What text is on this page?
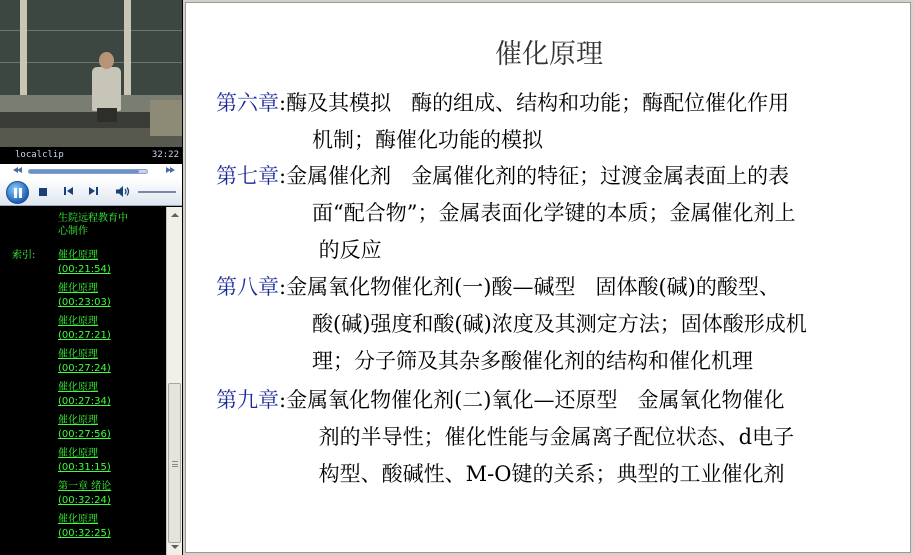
localclip	32:22
生院远程教育中
心制作
索引: 催化原理
(00:21:54)
催化原理
(00:23:03)
催化原理
(00:27:21)
催化原理
(00:27:24)
催化原理
(00:27:34)
催化原理
(00:27:56)
催化原理
(00:31:15)
第一章 绪论
(00:32:24)
催化原理
(00:32:25)
催化原理
第六章:酶及其模拟   酶的组成、结构和功能；酶配位催化作用
机制；酶催化功能的模拟
第七章:金属催化剂   金属催化剂的特征；过渡金属表面上的表
面“配合物”；金属表面化学键的本质；金属催化剂上
的反应
第八章:金属氧化物催化剂(一)酸—碱型   固体酸(碱)的酸型、
酸(碱)强度和酸(碱)浓度及其测定方法；固体酸形成机
理；分子筛及其杂多酸催化剂的结构和催化机理
第九章:金属氧化物催化剂(二)氧化—还原型   金属氧化物催化
剂的半导性；催化性能与金属离子配位状态、d电子
构型、酸碱性、M-O键的关系；典型的工业催化剂
